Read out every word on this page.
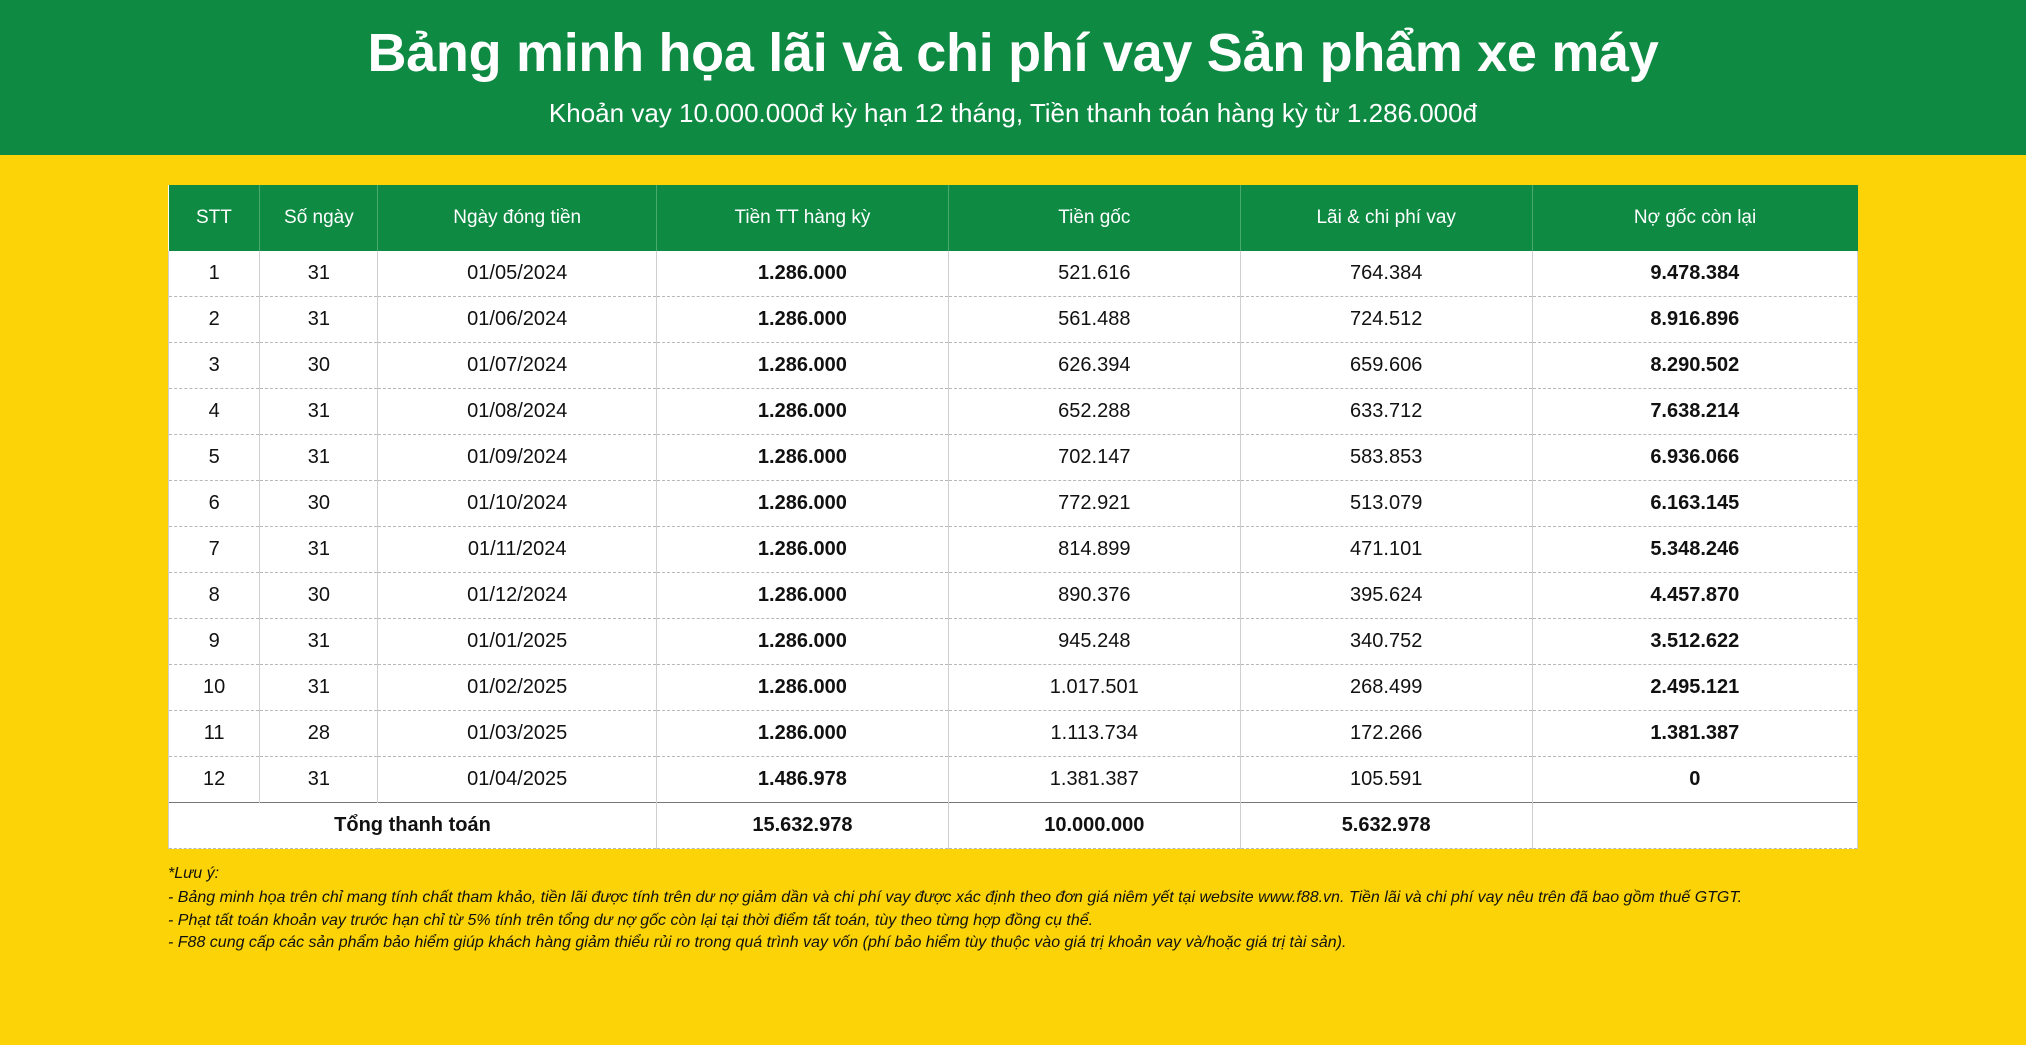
Bảng minh họa lãi và chi phí vay Sản phẩm xe máy
Khoản vay 10.000.000đ kỳ hạn 12 tháng, Tiền thanh toán hàng kỳ từ 1.286.000đ
STT	Số ngày	Ngày đóng tiền	Tiền TT hàng kỳ	Tiền gốc	Lãi & chi phí vay	Nợ gốc còn lại
1	31	01/05/2024	1.286.000	521.616	764.384	9.478.384
2	31	01/06/2024	1.286.000	561.488	724.512	8.916.896
3	30	01/07/2024	1.286.000	626.394	659.606	8.290.502
4	31	01/08/2024	1.286.000	652.288	633.712	7.638.214
5	31	01/09/2024	1.286.000	702.147	583.853	6.936.066
6	30	01/10/2024	1.286.000	772.921	513.079	6.163.145
7	31	01/11/2024	1.286.000	814.899	471.101	5.348.246
8	30	01/12/2024	1.286.000	890.376	395.624	4.457.870
9	31	01/01/2025	1.286.000	945.248	340.752	3.512.622
10	31	01/02/2025	1.286.000	1.017.501	268.499	2.495.121
11	28	01/03/2025	1.286.000	1.113.734	172.266	1.381.387
12	31	01/04/2025	1.486.978	1.381.387	105.591	0
Tổng thanh toán			15.632.978	10.000.000	5.632.978	
*Lưu ý:
- Bảng minh họa trên chỉ mang tính chất tham khảo, tiền lãi được tính trên dư nợ giảm dần và chi phí vay được xác định theo đơn giá niêm yết tại website www.f88.vn. Tiền lãi và chi phí vay nêu trên đã bao gồm thuế GTGT.
- Phạt tất toán khoản vay trước hạn chỉ từ 5% tính trên tổng dư nợ gốc còn lại tại thời điểm tất toán, tùy theo từng hợp đồng cụ thể.
- F88 cung cấp các sản phẩm bảo hiểm giúp khách hàng giảm thiểu rủi ro trong quá trình vay vốn (phí bảo hiểm tùy thuộc vào giá trị khoản vay và/hoặc giá trị tài sản).
